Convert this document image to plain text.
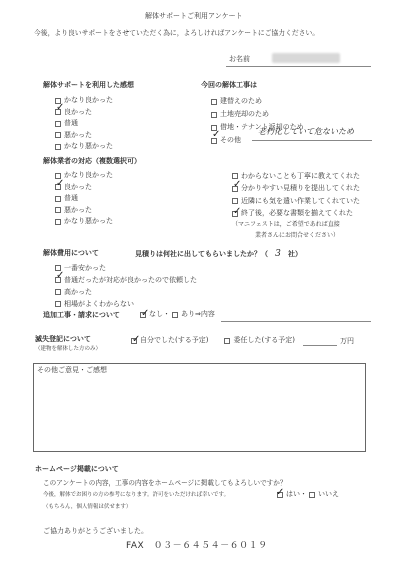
解体サポートご利用アンケート
今後，より良いサポートをさせていただく為に，よろしければアンケートにご協力ください。
お名前
解体サポートを利用した感想
かなり良かった
良かった
普通
悪かった
かなり悪かった
✓
今回の解体工事は
建替えのため
土地売却のため
借地・テナント返却のため
その他
✓	老朽化していて危ないため
解体業者の対応（複数選択可）
かなり良かった
良かった
普通
悪かった
かなり悪かった
✓
わからないことも丁寧に教えてくれた
分かりやすい見積りを提出してくれた
近隣にも気を遣い作業してくれていた
終了後，必要な書類を揃えてくれた
✓
✓
（マニフェストは，ご希望であれば直接
業者さんにお問合せください）
解体費用について	見積りは何社に出してもらいましたか？（ 3 社）
一番安かった
普通だったが対応が良かったので依頼した
高かった
相場がよくわからない
✓
追加工事・請求について	なし・ あり⇒内容
✓
滅失登記について
（建物を解体した方のみ）
自分でした(する予定)	委任した(する予定)
✓	万円
その他ご意見・ご感想
ホームページ掲載について
このアンケートの内容，工事の内容をホームページに掲載してもよろしいですか？
今後，解体でお困りの方の参考になります。許可をいただければ幸いです。	はい・ いいえ
✓
（もちろん，個人情報は伏せます）
ご協力ありがとうございました。
FAX　０３－６４５４－６０１９
